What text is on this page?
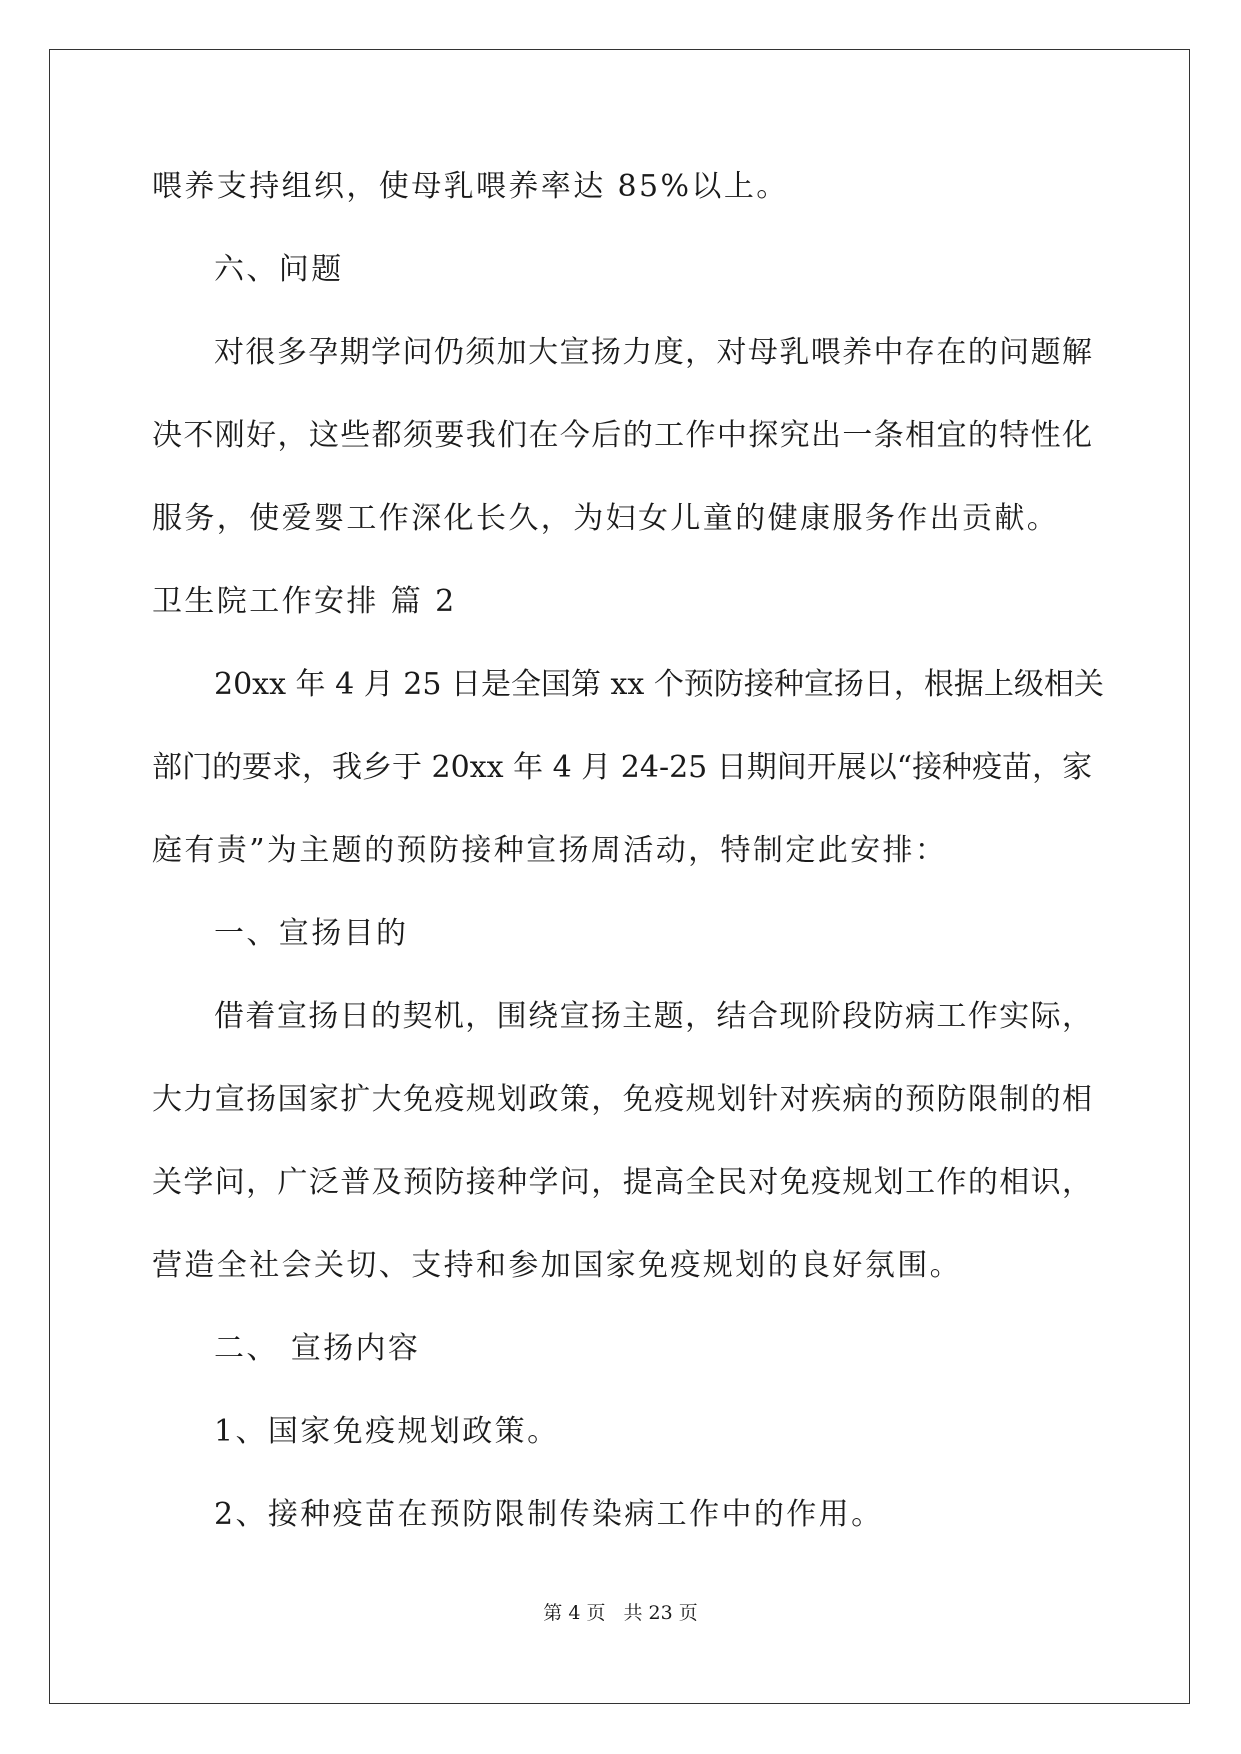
喂养支持组织，使母乳喂养率达 85%以上。
六、问题
对很多孕期学问仍须加大宣扬力度，对母乳喂养中存在的问题解
决不刚好，这些都须要我们在今后的工作中探究出一条相宜的特性化
服务，使爱婴工作深化长久，为妇女儿童的健康服务作出贡献。
卫生院工作安排 篇 2
20xx 年 4 月 25 日是全国第 xx 个预防接种宣扬日，根据上级相关
部门的要求，我乡于 20xx 年 4 月 24-25 日期间开展以“接种疫苗，家
庭有责”为主题的预防接种宣扬周活动，特制定此安排：
一、宣扬目的
借着宣扬日的契机，围绕宣扬主题，结合现阶段防病工作实际，
大力宣扬国家扩大免疫规划政策，免疫规划针对疾病的预防限制的相
关学问，广泛普及预防接种学问，提高全民对免疫规划工作的相识，
营造全社会关切、支持和参加国家免疫规划的良好氛围。
二、 宣扬内容
1、国家免疫规划政策。
2、接种疫苗在预防限制传染病工作中的作用。
第 4 页 共 23 页
